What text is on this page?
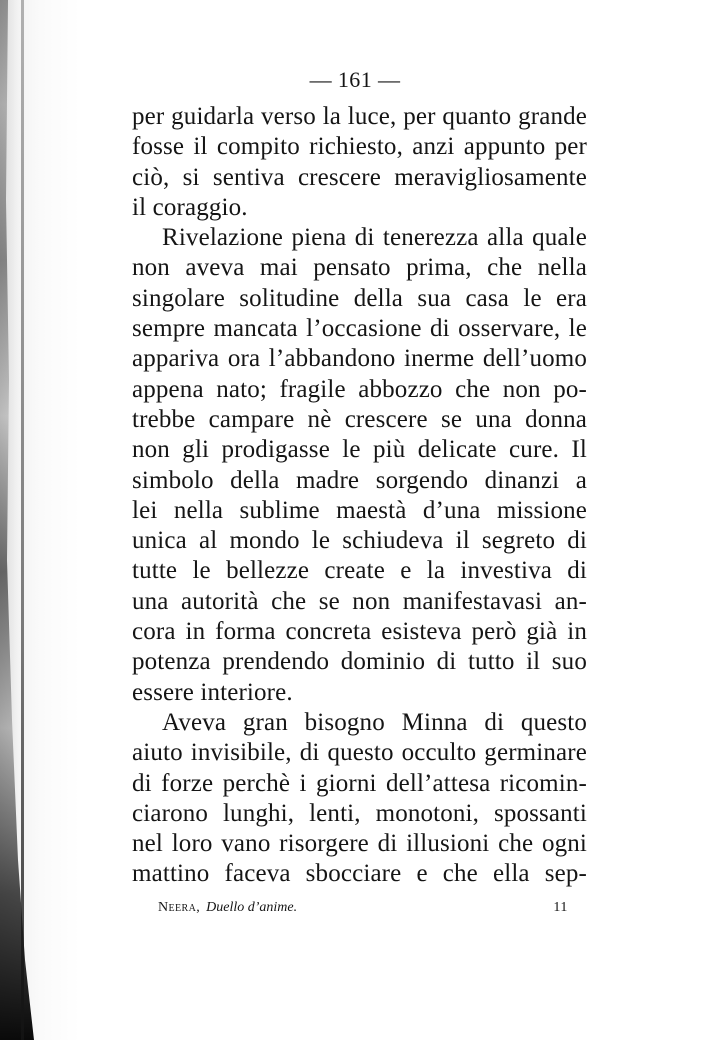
— 161 —

per guidarla verso la luce, per quanto grande
fosse il compito richiesto, anzi appunto per
ciò, si sentiva crescere meravigliosamente
il coraggio.

Rivelazione piena di tenerezza alla quale
non aveva mai pensato prima, che nella
singolare solitudine della sua casa le era
sempre mancata l’occasione di osservare, le
appariva ora l’abbandono inerme dell’uomo
appena nato; fragile abbozzo che non po-
trebbe campare nè crescere se una donna
non gli prodigasse le più delicate cure. Il
simbolo della madre sorgendo dinanzi a
lei nella sublime maestà d’una missione
unica al mondo le schiudeva il segreto di
tutte le bellezze create e la investiva di
una autorità che se non manifestavasi an-
cora in forma concreta esisteva però già in
potenza prendendo dominio di tutto il suo
essere interiore.

Aveva gran bisogno Minna di questo
aiuto invisibile, di questo occulto germinare
di forze perchè i giorni dell’attesa ricomin-
ciarono lunghi, lenti, monotoni, spossanti
nel loro vano risorgere di illusioni che ogni
mattino faceva sbocciare e che ella sep-

Neera, Duello d’anime.	11
